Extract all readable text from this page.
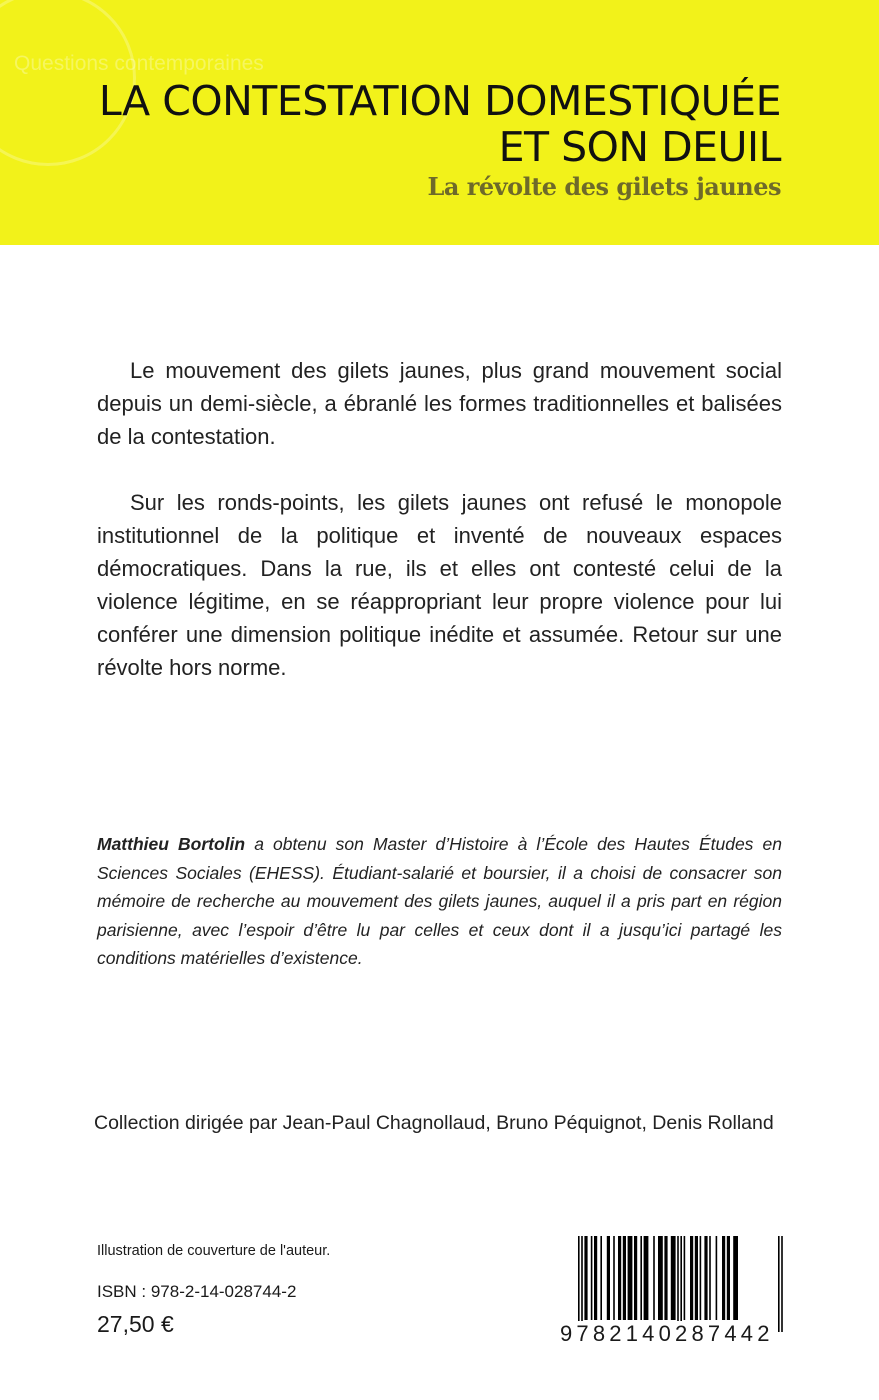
Questions contemporaines
LA CONTESTATION DOMESTIQUÉE
ET SON DEUIL
La révolte des gilets jaunes

Le mouvement des gilets jaunes, plus grand mouvement social depuis un demi-siècle, a ébranlé les formes traditionnelles et balisées de la contestation.

Sur les ronds-points, les gilets jaunes ont refusé le monopole institutionnel de la politique et inventé de nouveaux espaces démocratiques. Dans la rue, ils et elles ont contesté celui de la violence légitime, en se réappropriant leur propre violence pour lui conférer une dimension politique inédite et assumée. Retour sur une révolte hors norme.

Matthieu Bortolin a obtenu son Master d’Histoire à l’École des Hautes Études en Sciences Sociales (EHESS). Étudiant-salarié et boursier, il a choisi de consacrer son mémoire de recherche au mouvement des gilets jaunes, auquel il a pris part en région parisienne, avec l’espoir d’être lu par celles et ceux dont il a jusqu’ici partagé les conditions matérielles d’existence.

Collection dirigée par Jean-Paul Chagnollaud, Bruno Péquignot, Denis Rolland
Illustration de couverture de l'auteur.
ISBN : 978-2-14-028744-2
27,50 €	9782140287442
